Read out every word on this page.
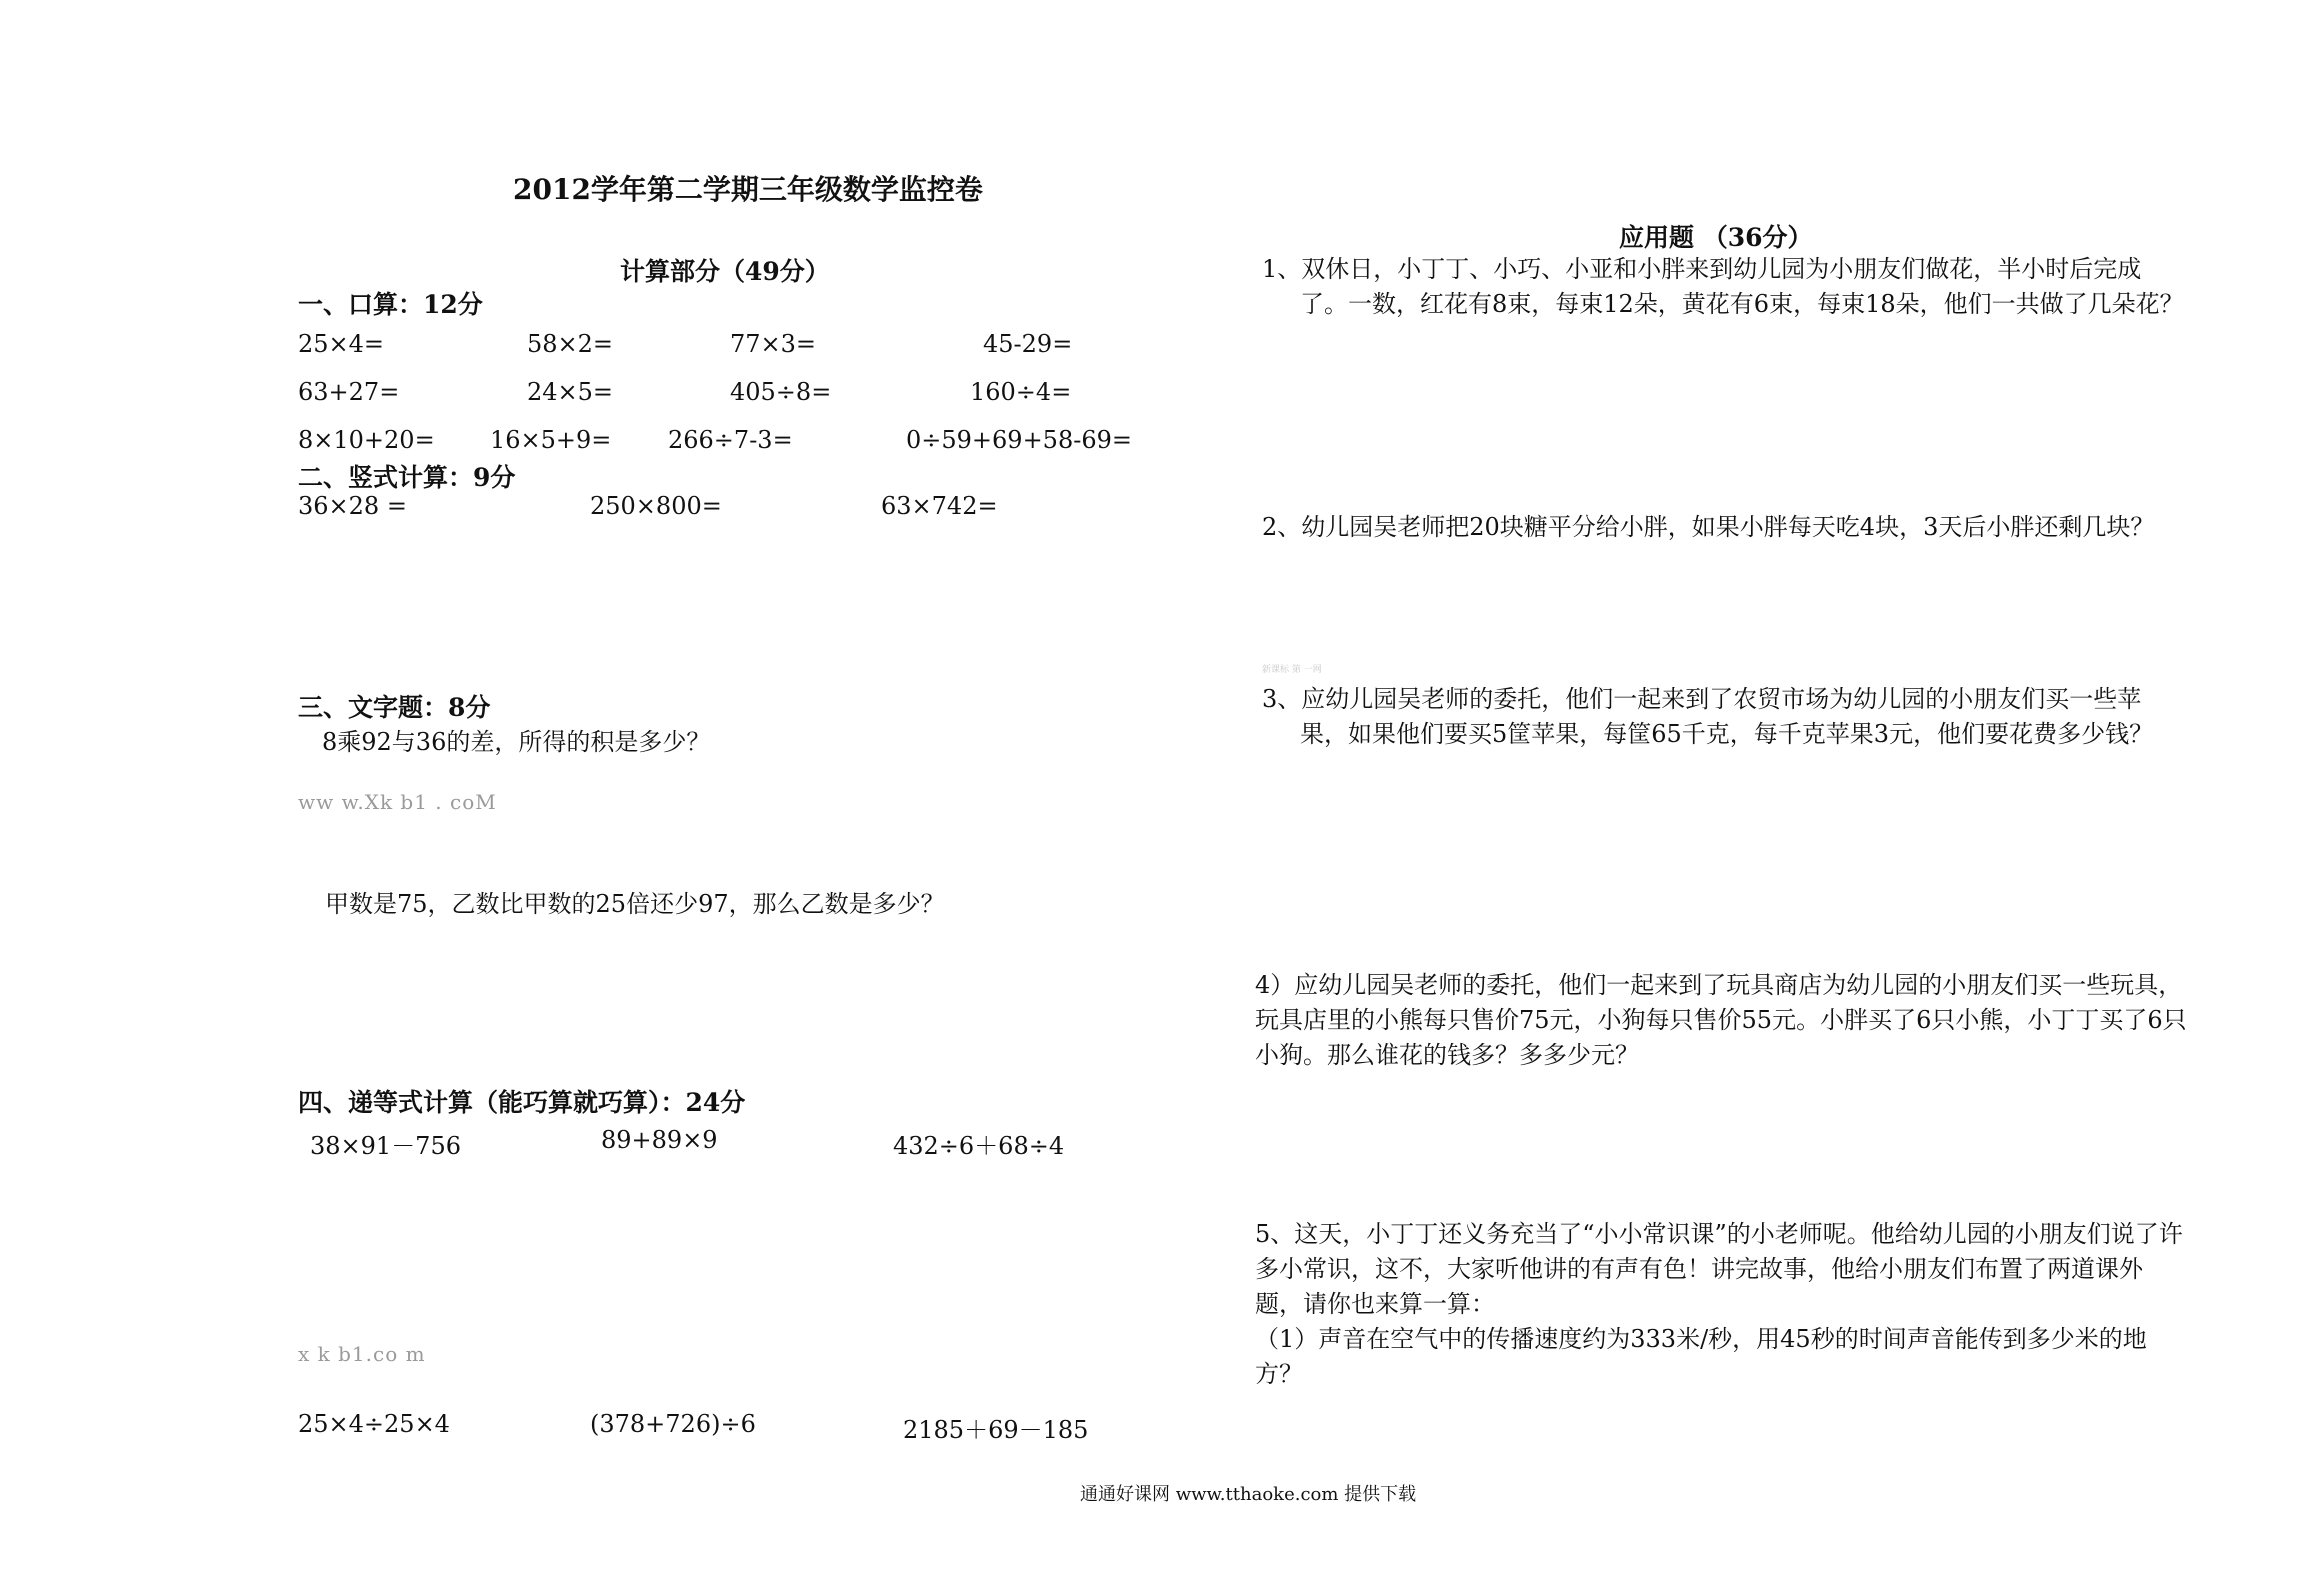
2012学年第二学期三年级数学监控卷
计算部分（49分）
一、口算：12分
25×4=	58×2=	77×3=	45-29=
63+27=	24×5=	405÷8=	160÷4=
8×10+20= 16×5+9= 266÷7-3=	0÷59+69+58-69=
二、竖式计算：9分
36×28 =	250×800=	63×742=
三、文字题：8分
8乘92与36的差，所得的积是多少？
ww w.Xk b1 . coM
甲数是75，乙数比甲数的25倍还少97，那么乙数是多少？
四、递等式计算（能巧算就巧算）：24分
38×91－756	89+89×9	432÷6＋68÷4
x k b1.co m
25×4÷25×4	(378+726)÷6	2185＋69－185
应用题 （36分）
1、双休日，小丁丁、小巧、小亚和小胖来到幼儿园为小朋友们做花，半小时后完成
了。一数，红花有8束，每束12朵，黄花有6束，每束18朵，他们一共做了几朵花？
2、幼儿园吴老师把20块糖平分给小胖，如果小胖每天吃4块，3天后小胖还剩几块？
新课标 第 一网
3、应幼儿园吴老师的委托，他们一起来到了农贸市场为幼儿园的小朋友们买一些苹
果，如果他们要买5筐苹果，每筐65千克，每千克苹果3元，他们要花费多少钱？
4）应幼儿园吴老师的委托，他们一起来到了玩具商店为幼儿园的小朋友们买一些玩具，玩具店里的小熊每只售价75元，小狗每只售价55元。小胖买了6只小熊，小丁丁买了6只小狗。那么谁花的钱多？多多少元？
5、这天，小丁丁还义务充当了“小小常识课”的小老师呢。他给幼儿园的小朋友们说了许多小常识，这不，大家听他讲的有声有色！讲完故事，他给小朋友们布置了两道课外题，请你也来算一算：
（1）声音在空气中的传播速度约为333米/秒，用45秒的时间声音能传到多少米的地方？
通通好课网 www.tthaoke.com 提供下载
